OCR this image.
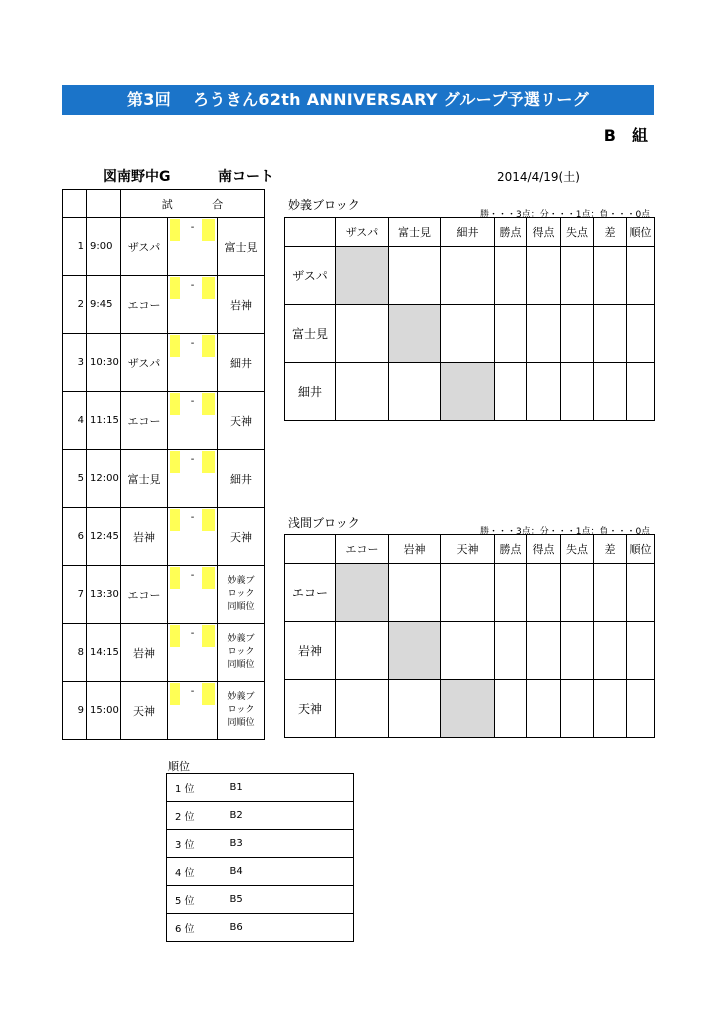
第3回　 ろうきん62th ANNIVERSARY グループ予選リーグ
B　組
図南野中G	南コート	2014/4/19(土)
		試 合		
1	9:00	ザスパ	-	富士見
2	9:45	エコー	-	岩神
3	10:30	ザスパ	-	細井
4	11:15	エコー	-	天神
5	12:00	富士見	-	細井
6	12:45	岩神	-	天神
7	13:30	エコー	-	妙義ブ
ロック
同順位

8	14:15	岩神	-	妙義ブ
ロック
同順位

9	15:00	天神	-	妙義ブ
ロック
同順位
妙義ブロック
勝・・・3点：分・・・1点：負・・・0点
	ザスパ	富士見	細井	勝点	得点	失点	差	順位
ザスパ								
富士見								
細井								
浅間ブロック
勝・・・3点：分・・・1点：負・・・0点
	エコー	岩神	天神	勝点	得点	失点	差	順位
エコー								
岩神								
天神								
順位
1 位	B1
2 位	B2
3 位	B3
4 位	B4
5 位	B5
6 位	B6
